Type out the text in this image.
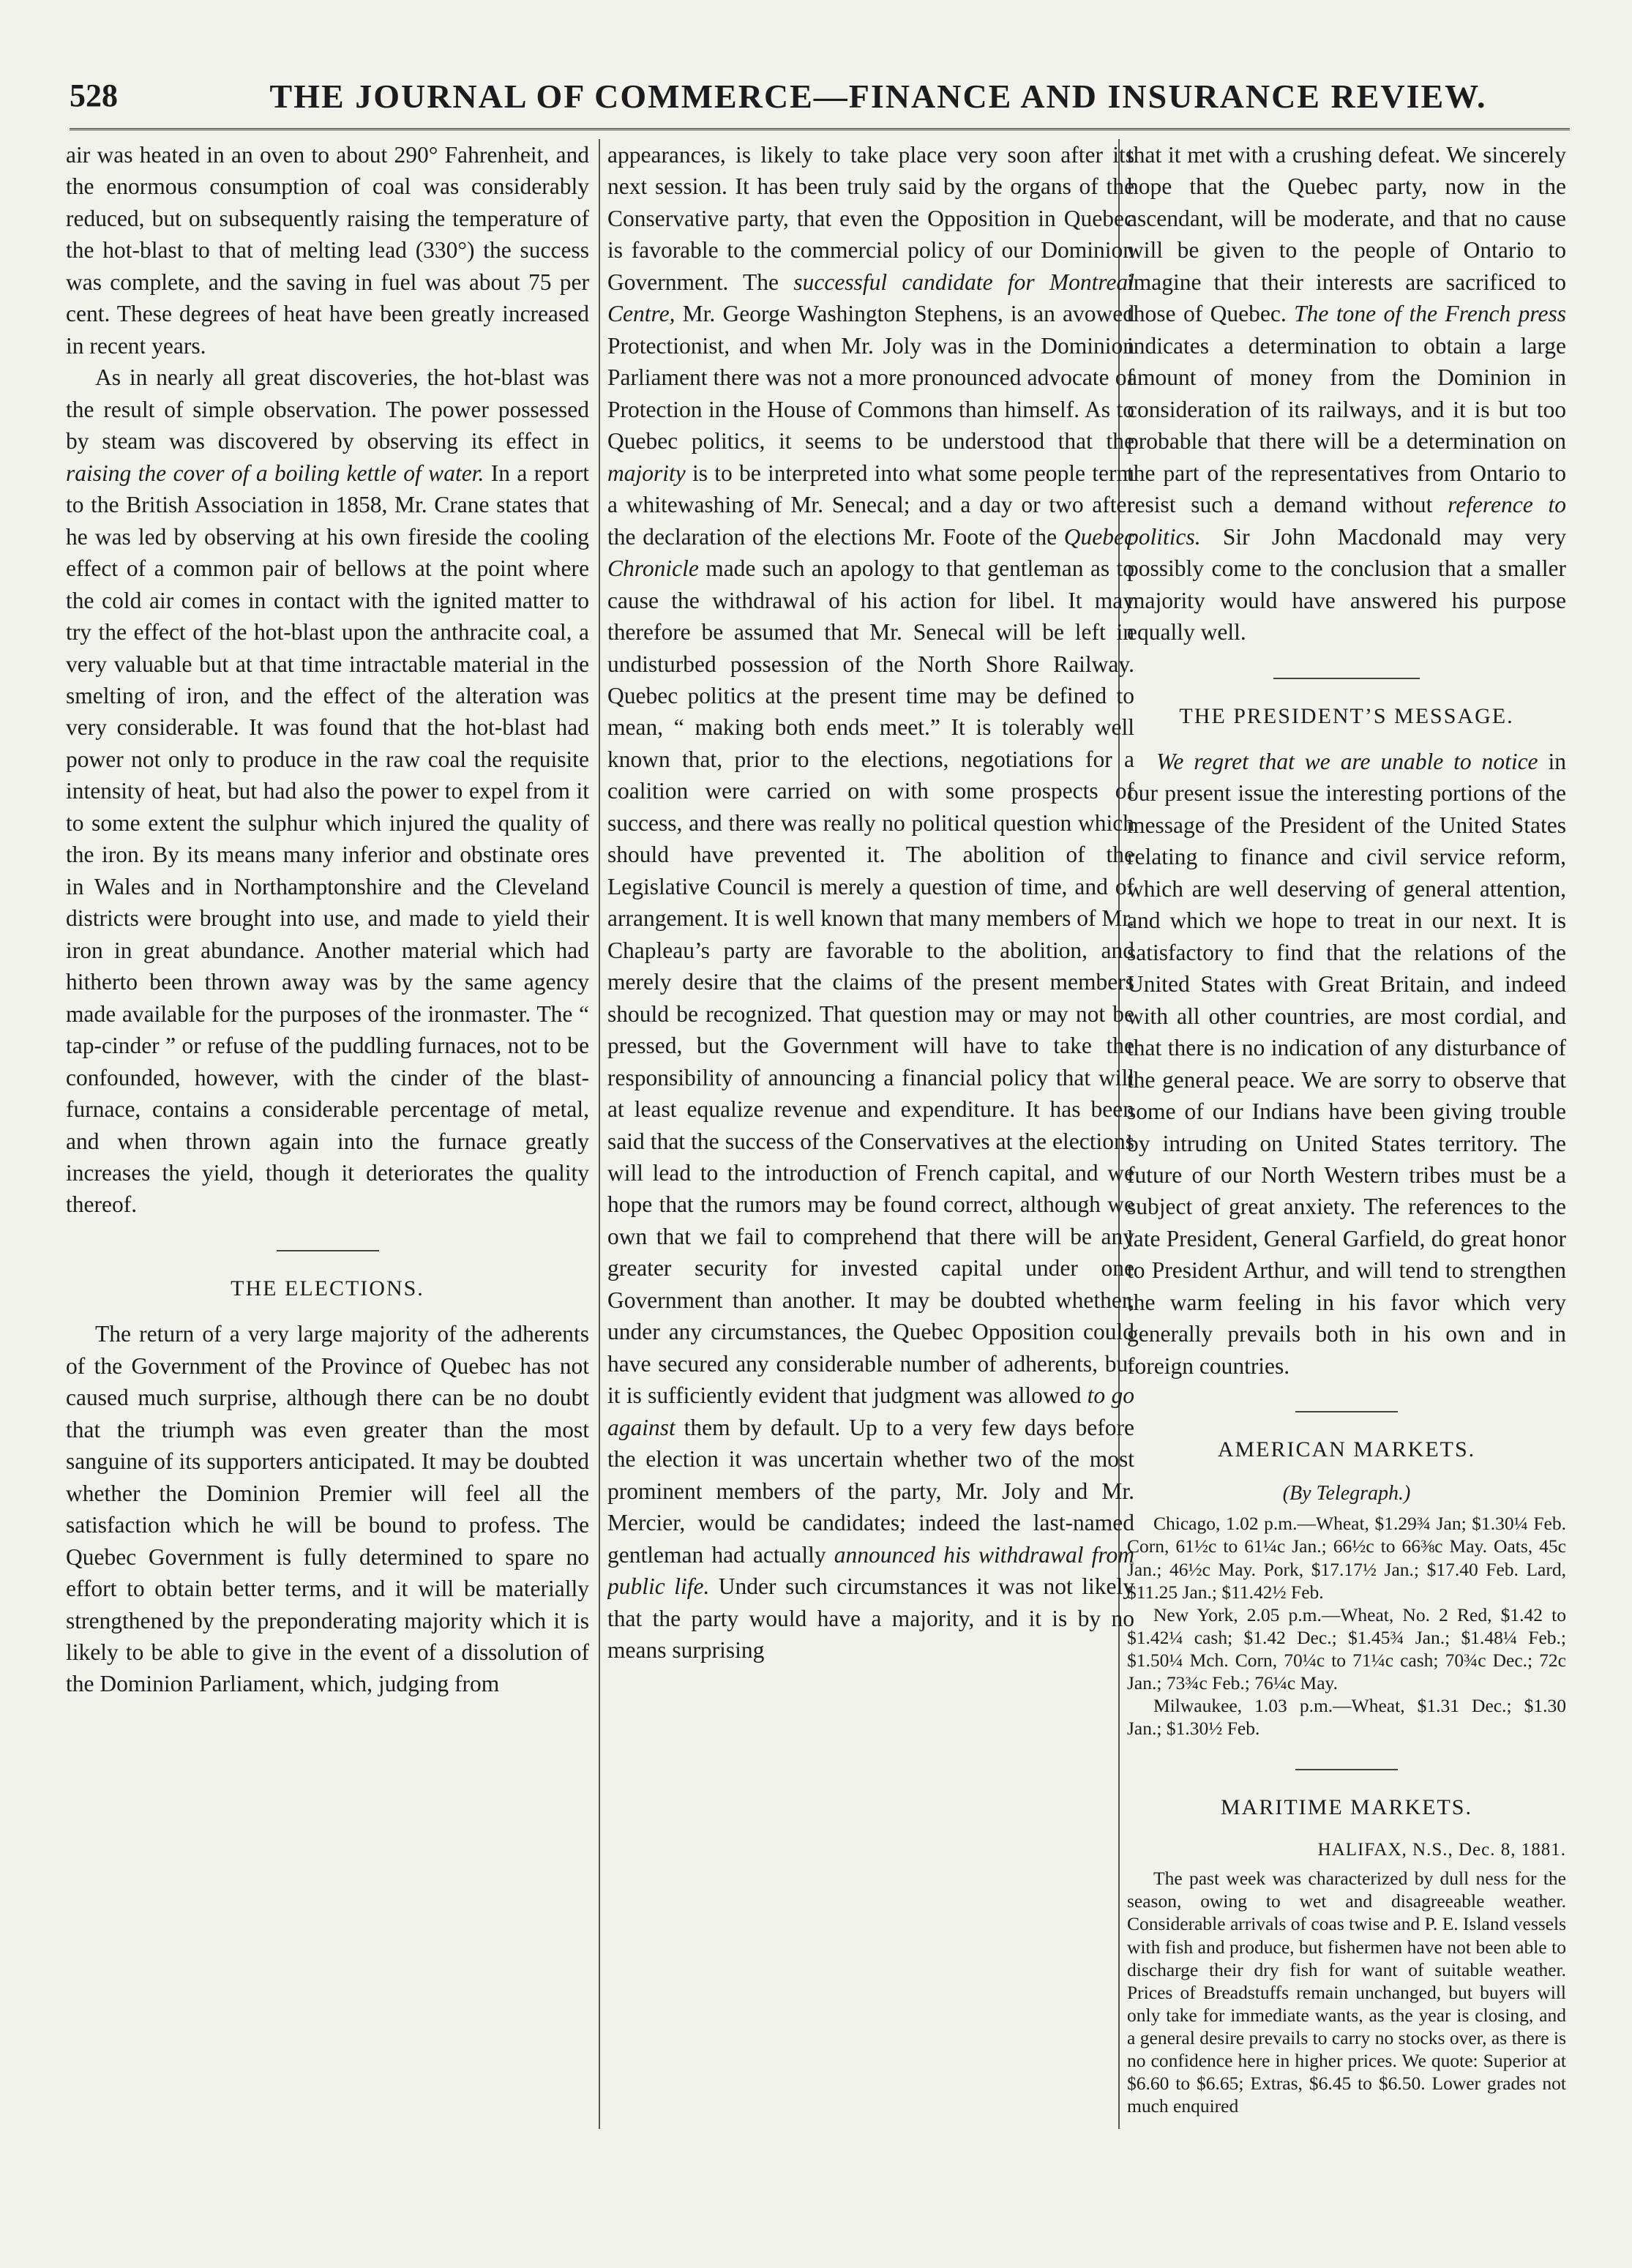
528	THE JOURNAL OF COMMERCE—FINANCE AND INSURANCE REVIEW.

air was heated in an oven to about 290° Fahrenheit, and the enormous consumption of coal was considerably reduced, but on subsequently raising the temperature of the hot-blast to that of melting lead (330°) the success was complete, and the saving in fuel was about 75 per cent. These degrees of heat have been greatly increased in recent years.

As in nearly all great discoveries, the hot-blast was the result of simple observation. The power possessed by steam was discovered by observing its effect in raising the cover of a boiling kettle of water. In a report to the British Association in 1858, Mr. Crane states that he was led by observing at his own fireside the cooling effect of a common pair of bellows at the point where the cold air comes in contact with the ignited matter to try the effect of the hot-blast upon the anthracite coal, a very valuable but at that time intractable material in the smelting of iron, and the effect of the alteration was very considerable. It was found that the hot-blast had power not only to produce in the raw coal the requisite intensity of heat, but had also the power to expel from it to some extent the sulphur which injured the quality of the iron. By its means many inferior and obstinate ores in Wales and in Northamptonshire and the Cleveland districts were brought into use, and made to yield their iron in great abundance. Another material which had hitherto been thrown away was by the same agency made available for the purposes of the ironmaster. The “ tap-cinder ” or refuse of the puddling furnaces, not to be confounded, however, with the cinder of the blast-furnace, contains a considerable percentage of metal, and when thrown again into the furnace greatly increases the yield, though it deteriorates the quality thereof.

THE ELECTIONS.

The return of a very large majority of the adherents of the Government of the Province of Quebec has not caused much surprise, although there can be no doubt that the triumph was even greater than the most sanguine of its supporters anticipated. It may be doubted whether the Dominion Premier will feel all the satisfaction which he will be bound to profess. The Quebec Government is fully determined to spare no effort to obtain better terms, and it will be materially strengthened by the preponderating majority which it is likely to be able to give in the event of a dissolution of the Dominion Parliament, which, judging from

appearances, is likely to take place very soon after its next session. It has been truly said by the organs of the Conservative party, that even the Opposition in Quebec is favorable to the commercial policy of our Dominion Government. The successful candidate for Montreal Centre, Mr. George Washington Stephens, is an avowed Protectionist, and when Mr. Joly was in the Dominion Parliament there was not a more pronounced advocate of Protection in the House of Commons than himself. As to Quebec politics, it seems to be understood that the majority is to be interpreted into what some people term a whitewashing of Mr. Senecal; and a day or two after the declaration of the elections Mr. Foote of the Quebec Chronicle made such an apology to that gentleman as to cause the withdrawal of his action for libel. It may therefore be assumed that Mr. Senecal will be left in undisturbed possession of the North Shore Railway. Quebec politics at the present time may be defined to mean, “ making both ends meet.” It is tolerably well known that, prior to the elections, negotiations for a coalition were carried on with some prospects of success, and there was really no political question which should have prevented it. The abolition of the Legislative Council is merely a question of time, and of arrangement. It is well known that many members of Mr. Chapleau’s party are favorable to the abolition, and merely desire that the claims of the present members should be recognized. That question may or may not be pressed, but the Government will have to take the responsibility of announcing a financial policy that will at least equalize revenue and expenditure. It has been said that the success of the Conservatives at the elections will lead to the introduction of French capital, and we hope that the rumors may be found correct, although we own that we fail to comprehend that there will be any greater security for invested capital under one Government than another. It may be doubted whether, under any circumstances, the Quebec Opposition could have secured any considerable number of adherents, but it is sufficiently evident that judgment was allowed to go against them by default. Up to a very few days before the election it was uncertain whether two of the most prominent members of the party, Mr. Joly and Mr. Mercier, would be candidates; indeed the last-named gentleman had actually announced his withdrawal from public life. Under such circumstances it was not likely that the party would have a majority, and it is by no means surprising

that it met with a crushing defeat. We sincerely hope that the Quebec party, now in the ascendant, will be moderate, and that no cause will be given to the people of Ontario to imagine that their interests are sacrificed to those of Quebec. The tone of the French press indicates a determination to obtain a large amount of money from the Dominion in consideration of its railways, and it is but too probable that there will be a determination on the part of the representatives from Ontario to resist such a demand without reference to politics. Sir John Macdonald may very possibly come to the conclusion that a smaller majority would have answered his purpose equally well.

THE PRESIDENT’S MESSAGE.

We regret that we are unable to notice in our present issue the interesting portions of the message of the President of the United States relating to finance and civil service reform, which are well deserving of general attention, and which we hope to treat in our next. It is satisfactory to find that the relations of the United States with Great Britain, and indeed with all other countries, are most cordial, and that there is no indication of any disturbance of the general peace. We are sorry to observe that some of our Indians have been giving trouble by intruding on United States territory. The future of our North Western tribes must be a subject of great anxiety. The references to the late President, General Garfield, do great honor to President Arthur, and will tend to strengthen the warm feeling in his favor which very generally prevails both in his own and in foreign countries.

AMERICAN MARKETS.
(By Telegraph.)

Chicago, 1.02 p.m.—Wheat, $1.29¾ Jan; $1.30¼ Feb. Corn, 61½c to 61¼c Jan.; 66½c to 66⅜c May. Oats, 45c Jan.; 46½c May. Pork, $17.17½ Jan.; $17.40 Feb. Lard, $11.25 Jan.; $11.42½ Feb.

New York, 2.05 p.m.—Wheat, No. 2 Red, $1.42 to $1.42¼ cash; $1.42 Dec.; $1.45¾ Jan.; $1.48¼ Feb.; $1.50¼ Mch. Corn, 70¼c to 71¼c cash; 70¾c Dec.; 72c Jan.; 73¾c Feb.; 76¼c May.

Milwaukee, 1.03 p.m.—Wheat, $1.31 Dec.; $1.30 Jan.; $1.30½ Feb.

MARITIME MARKETS.
HALIFAX, N.S., Dec. 8, 1881.

The past week was characterized by dull ness for the season, owing to wet and disagreeable weather. Considerable arrivals of coas twise and P. E. Island vessels with fish and produce, but fishermen have not been able to discharge their dry fish for want of suitable weather. Prices of Breadstuffs remain unchanged, but buyers will only take for immediate wants, as the year is closing, and a general desire prevails to carry no stocks over, as there is no confidence here in higher prices. We quote: Superior at $6.60 to $6.65; Extras, $6.45 to $6.50. Lower grades not much enquired
